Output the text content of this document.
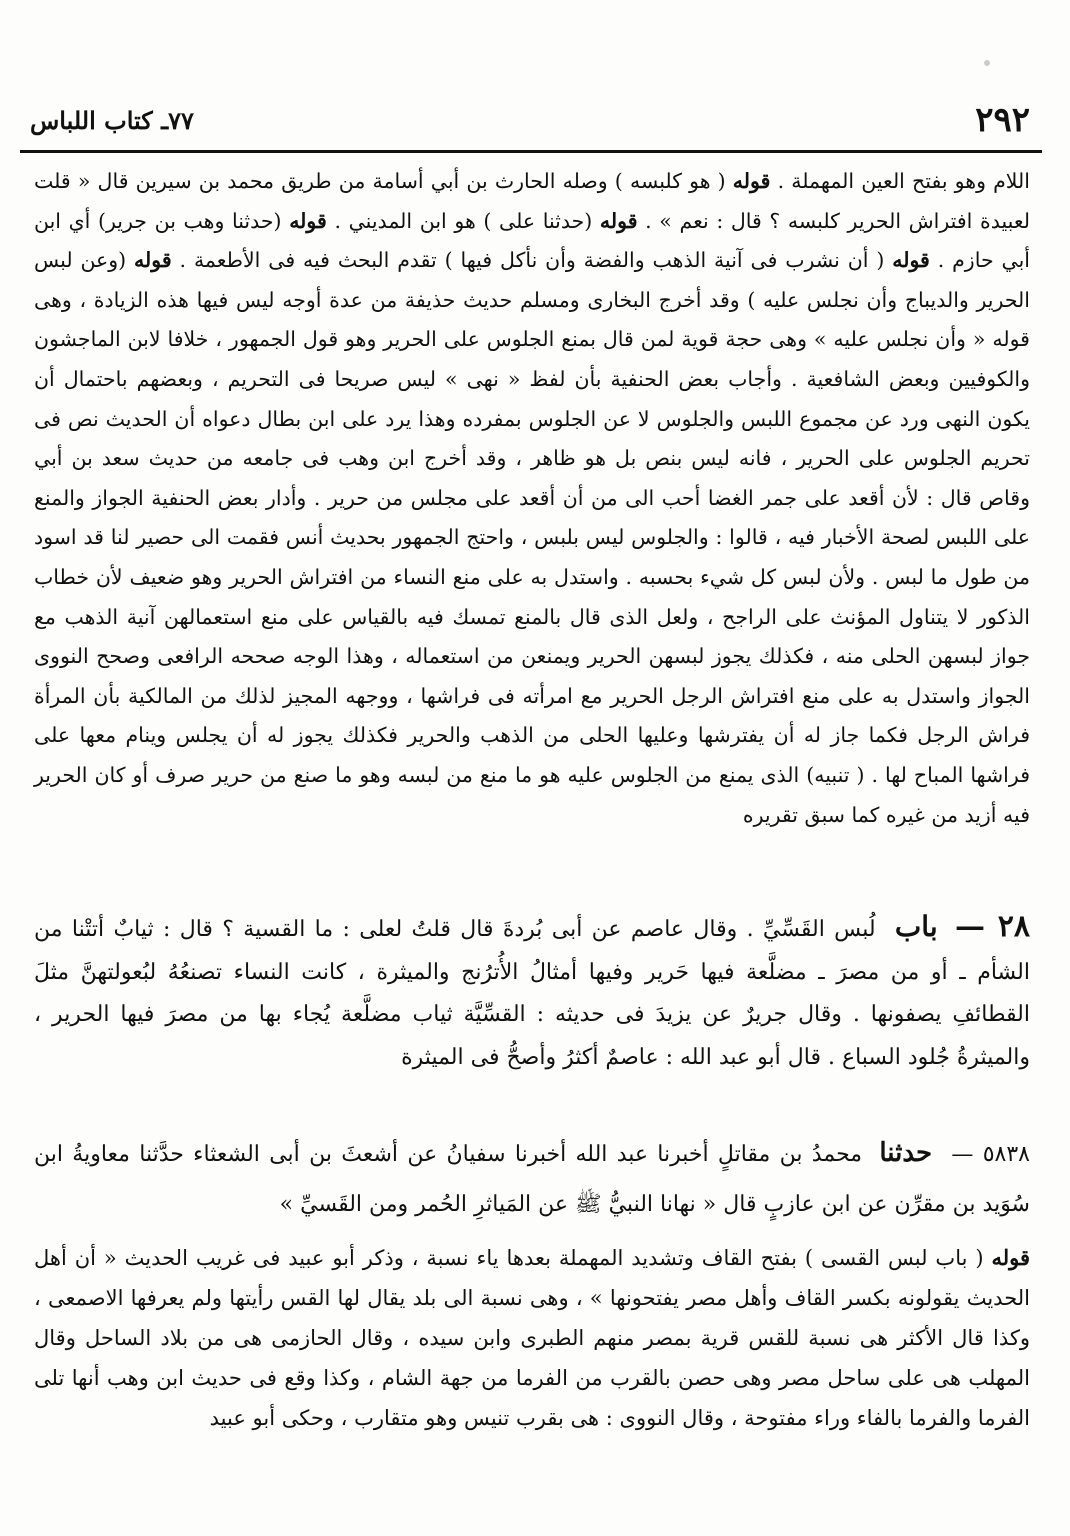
٢٩٢
٧٧ـ كتاب اللباس

اللام وهو بفتح العين المهملة . قوله ( هو كلبسه ) وصله الحارث بن أبي أسامة من طريق محمد بن سيرين قال « قلت لعبيدة افتراش الحرير كلبسه ؟ قال : نعم » . قوله (حدثنا على ) هو ابن المديني . قوله (حدثنا وهب بن جرير) أي ابن أبي حازم . قوله ( أن نشرب فى آنية الذهب والفضة وأن نأكل فيها ) تقدم البحث فيه فى الأطعمة . قوله (وعن لبس الحرير والديباج وأن نجلس عليه ) وقد أخرج البخارى ومسلم حديث حذيفة من عدة أوجه ليس فيها هذه الزيادة ، وهى قوله « وأن نجلس عليه » وهى حجة قوية لمن قال بمنع الجلوس على الحرير وهو قول الجمهور ، خلافا لابن الماجشون والكوفيين وبعض الشافعية . وأجاب بعض الحنفية بأن لفظ « نهى » ليس صريحا فى التحريم ، وبعضهم باحتمال أن يكون النهى ورد عن مجموع اللبس والجلوس لا عن الجلوس بمفرده وهذا يرد على ابن بطال دعواه أن الحديث نص فى تحريم الجلوس على الحرير ، فانه ليس بنص بل هو ظاهر ، وقد أخرج ابن وهب فى جامعه من حديث سعد بن أبي وقاص قال : لأن أقعد على جمر الغضا أحب الى من أن أقعد على مجلس من حرير . وأدار بعض الحنفية الجواز والمنع على اللبس لصحة الأخبار فيه ، قالوا : والجلوس ليس بلبس ، واحتج الجمهور بحديث أنس فقمت الى حصير لنا قد اسود من طول ما لبس . ولأن لبس كل شيء بحسبه . واستدل به على منع النساء من افتراش الحرير وهو ضعيف لأن خطاب الذكور لا يتناول المؤنث على الراجح ، ولعل الذى قال بالمنع تمسك فيه بالقياس على منع استعمالهن آنية الذهب مع جواز لبسهن الحلى منه ، فكذلك يجوز لبسهن الحرير ويمنعن من استعماله ، وهذا الوجه صححه الرافعى وصحح النووى الجواز واستدل به على منع افتراش الرجل الحرير مع امرأته فى فراشها ، ووجهه المجيز لذلك من المالكية بأن المرأة فراش الرجل فكما جاز له أن يفترشها وعليها الحلى من الذهب والحرير فكذلك يجوز له أن يجلس وينام معها على فراشها المباح لها . ( تنبيه) الذى يمنع من الجلوس عليه هو ما منع من لبسه وهو ما صنع من حرير صرف أو كان الحرير فيه أزيد من غيره كما سبق تقريره

٢٨ — باب لُبس القَسِّيِّ . وقال عاصم عن أبى بُردةَ قال قلتُ لعلى : ما القسية ؟ قال : ثيابٌ أتتْنا من الشأم ـ أو من مصرَ ـ مضلَّعة فيها حَرير وفيها أمثالُ الأُترُنج والميثرة ، كانت النساء تصنعُهُ لبُعولتهنَّ مثلَ القطائفِ يصفونها . وقال جريرٌ عن يزيدَ فى حديثه : القسِّيَّة ثياب مضلَّعة يُجاء بها من مصرَ فيها الحرير ، والميثرةُ جُلود السباع . قال أبو عبد الله : عاصمٌ أكثرُ وأصحُّ فى الميثرة

٥٨٣٨ — حدثنا محمدُ بن مقاتلٍ أخبرنا عبد الله أخبرنا سفيانُ عن أشعثَ بن أبى الشعثاء حدَّثنا معاويةُ ابن سُوَيد بن مقرِّن عن ابن عازبٍ قال « نهانا النبيُّ ﷺ عن المَياثرِ الحُمر ومن القَسيِّ »

قوله ( باب لبس القسى ) بفتح القاف وتشديد المهملة بعدها ياء نسبة ، وذكر أبو عبيد فى غريب الحديث « أن أهل الحديث يقولونه بكسر القاف وأهل مصر يفتحونها » ، وهى نسبة الى بلد يقال لها القس رأيتها ولم يعرفها الاصمعى ، وكذا قال الأكثر هى نسبة للقس قرية بمصر منهم الطبرى وابن سيده ، وقال الحازمى هى من بلاد الساحل وقال المهلب هى على ساحل مصر وهى حصن بالقرب من الفرما من جهة الشام ، وكذا وقع فى حديث ابن وهب أنها تلى الفرما والفرما بالفاء وراء مفتوحة ، وقال النووى : هى بقرب تنيس وهو متقارب ، وحكى أبو عبيد
